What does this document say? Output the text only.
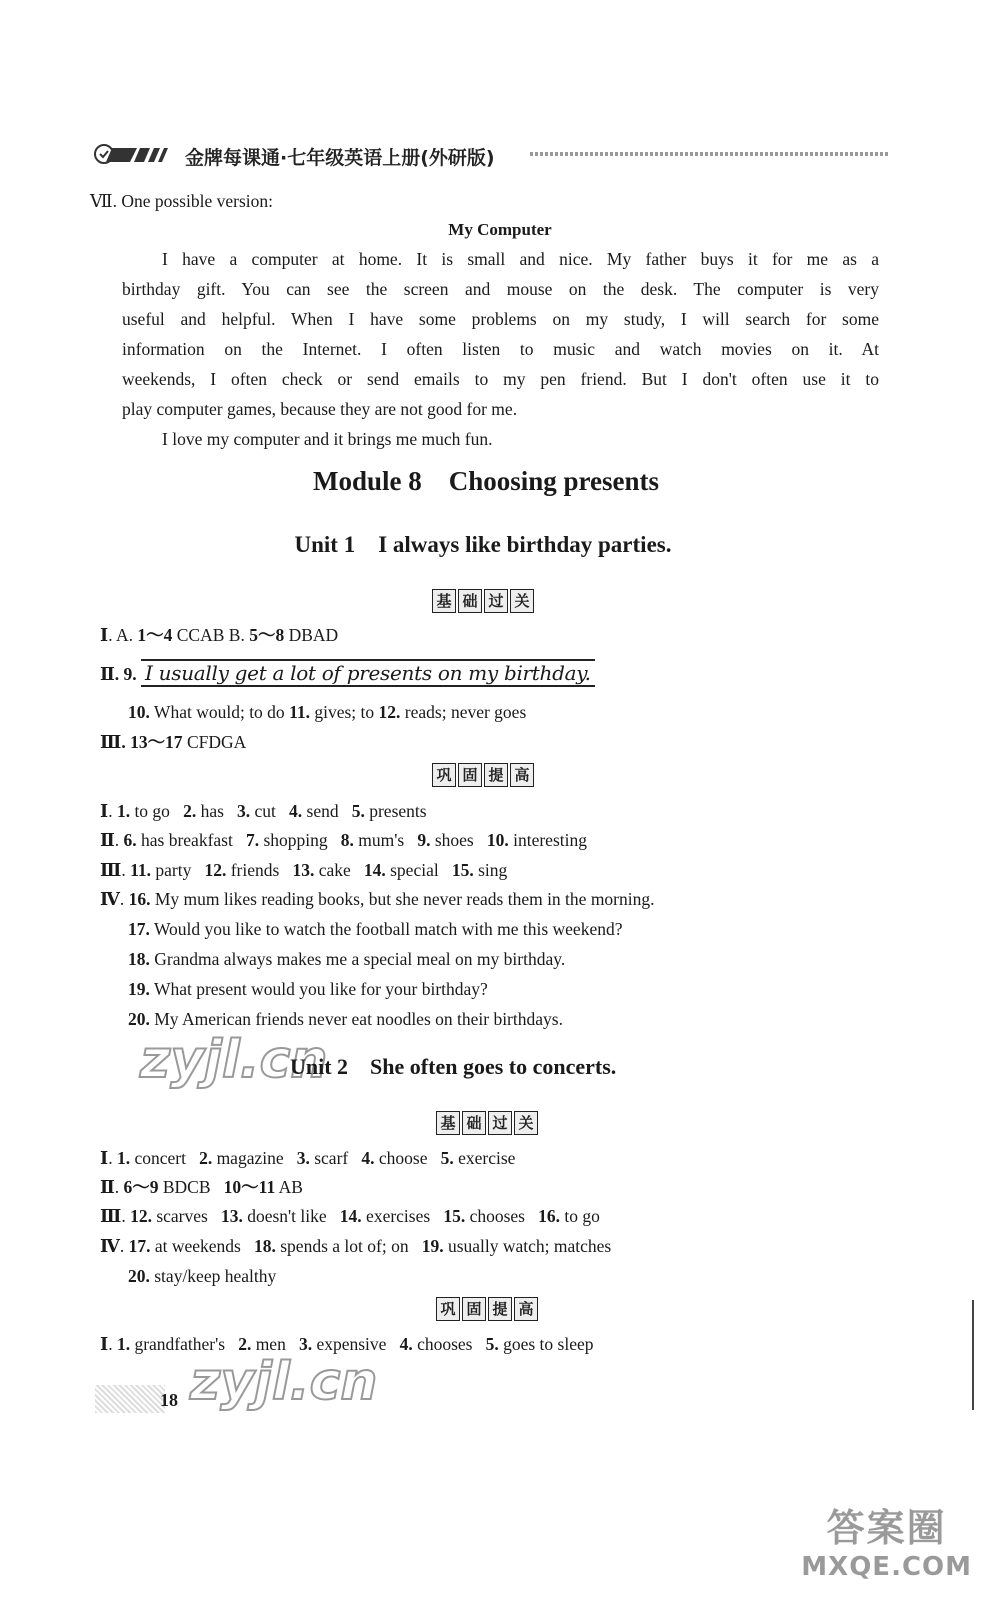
金牌每课通·七年级英语上册(外研版)
Ⅶ. One possible version:
My Computer

I have a computer at home. It is small and nice. My father buys it for me as a

birthday gift. You can see the screen and mouse on the desk. The computer is very

useful and helpful. When I have some problems on my study, I will search for some

information on the Internet. I often listen to music and watch movies on it. At

weekends, I often check or send emails to my pen friend. But I don't often use it to

play computer games, because they are not good for me.

I love my computer and it brings me much fun.

Module 8    Choosing presents
Unit 1    I always like birthday parties.
基 础 过 关
Ⅰ. A. 1～4 CCAB B. 5～8 DBAD
Ⅱ. 9. I usually get a lot of presents on my birthday.
10. What would; to do 11. gives; to 12. reads; never goes
Ⅲ. 13～17 CFDGA
巩 固 提 高
Ⅰ. 1. to go 2. has 3. cut 4. send 5. presents
Ⅱ. 6. has breakfast 7. shopping 8. mum's 9. shoes 10. interesting
Ⅲ. 11. party 12. friends 13. cake 14. special 15. sing
Ⅳ. 16. My mum likes reading books, but she never reads them in the morning.
17. Would you like to watch the football match with me this weekend?
18. Grandma always makes me a special meal on my birthday.
19. What present would you like for your birthday?
20. My American friends never eat noodles on their birthdays.
zyjl.cn
Unit 2    She often goes to concerts.
基 础 过 关
Ⅰ. 1. concert 2. magazine 3. scarf 4. choose 5. exercise
Ⅱ. 6～9 BDCB 10～11 AB
Ⅲ. 12. scarves 13. doesn't like 14. exercises 15. chooses 16. to go
Ⅳ. 17. at weekends 18. spends a lot of; on 19. usually watch; matches
20. stay/keep healthy
巩 固 提 高
Ⅰ. 1. grandfather's 2. men 3. expensive 4. chooses 5. goes to sleep
zyjl.cn
18
答案圈
MXQE.COM
